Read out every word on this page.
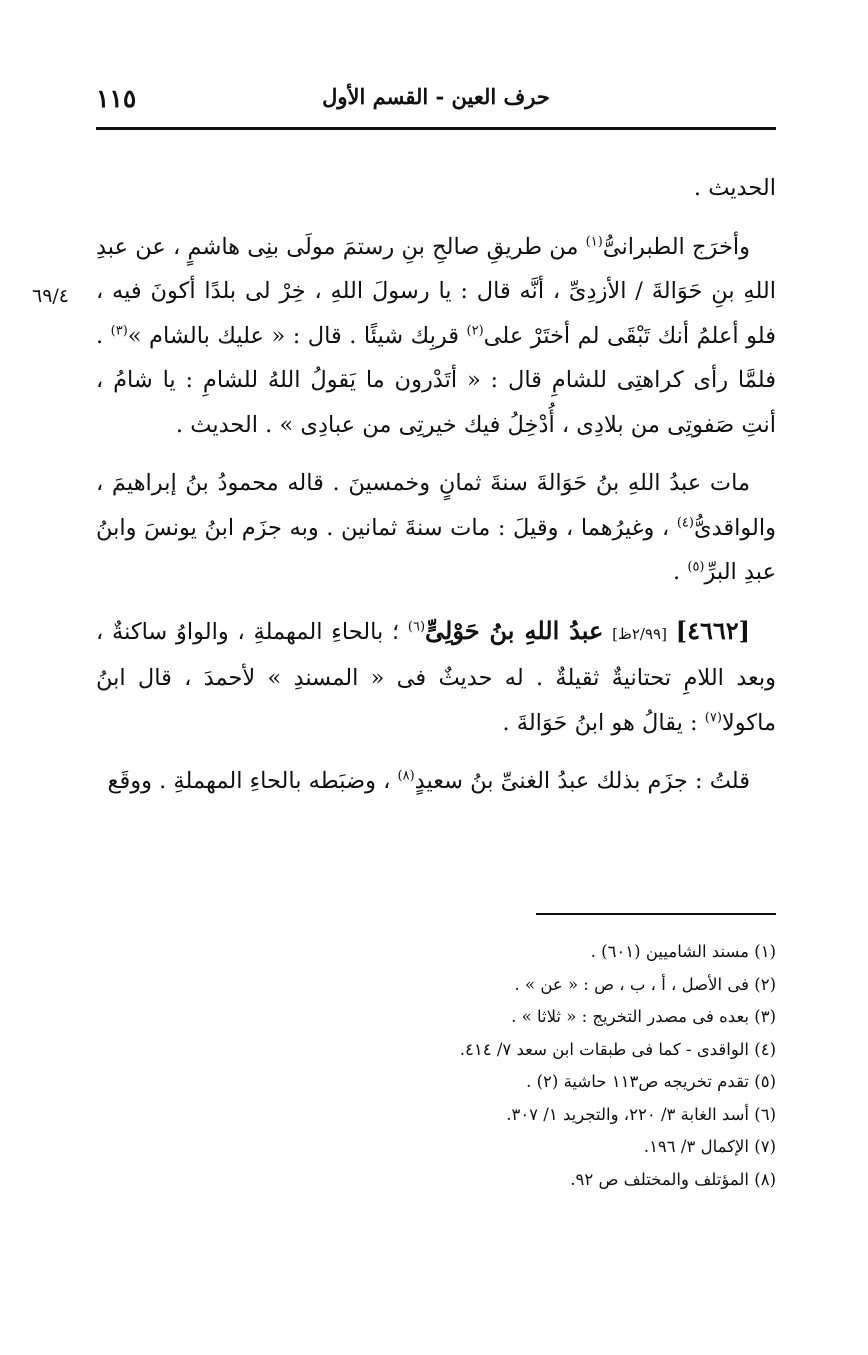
١١٥	حرف العين - القسم الأول
٦٩/٤

الحديث .

وأخرَج الطبرانىُّ$^{(١)}$ من طريقِ صالحِ بنِ رستمَ مولَى بنِى هاشمٍ ، عن عبدِ اللهِ بنِ حَوَالةَ / الأزدِىِّ ، أنَّه قال : يا رسولَ اللهِ ، خِرْ لى بلدًا أكونَ فيه ، فلو أعلمُ أنك تَبْقَى لم أختَرْ على$^{(٢)}$ قربِك شيئًا . قال : « عليك بالشام »$^{(٣)}$ . فلمَّا رأى كراهتِى للشامِ قال : « أتَدْرون ما يَقولُ اللهُ للشامِ : يا شامُ ، أنتِ صَفوتِى من بلادِى ، أُدْخِلُ فيك خيرتِى من عبادِى » . الحديث .

مات عبدُ اللهِ بنُ حَوَالةَ سنةَ ثمانٍ وخمسينَ . قاله محمودُ بنُ إبراهيمَ ، والواقدىُّ$^{(٤)}$ ، وغيرُهما ، وقيلَ : مات سنةَ ثمانين . وبه جزَم ابنُ يونسَ وابنُ عبدِ البرِّ$^{(٥)}$ .

[٤٦٦٢] [٢/٩٩ظ] عبدُ اللهِ بنُ حَوْلِىٍّ$^{(٦)}$ ؛ بالحاءِ المهملةِ ، والواوُ ساكنةٌ ، وبعد اللامِ تحتانيةٌ ثقيلةٌ . له حديثٌ فى « المسندِ » لأحمدَ ، قال ابنُ ماكولا$^{(٧)}$ : يقالُ هو ابنُ حَوَالةَ .

قلتُ : جزَم بذلك عبدُ الغنىِّ بنُ سعيدٍ$^{(٨)}$ ، وضبَطه بالحاءِ المهملةِ . ووقَع

(١) مسند الشاميين (٦٠١) .
(٢) فى الأصل ، أ ، ب ، ص : « عن » .
(٣) بعده فى مصدر التخريج : « ثلاثا » .
(٤) الواقدى - كما فى طبقات ابن سعد ٧/ ٤١٤.
(٥) تقدم تخريجه ص١١٣ حاشية (٢) .
(٦) أسد الغابة ٣/ ٢٢٠، والتجريد ١/ ٣٠٧.
(٧) الإكمال ٣/ ١٩٦.
(٨) المؤتلف والمختلف ص ٩٢.
